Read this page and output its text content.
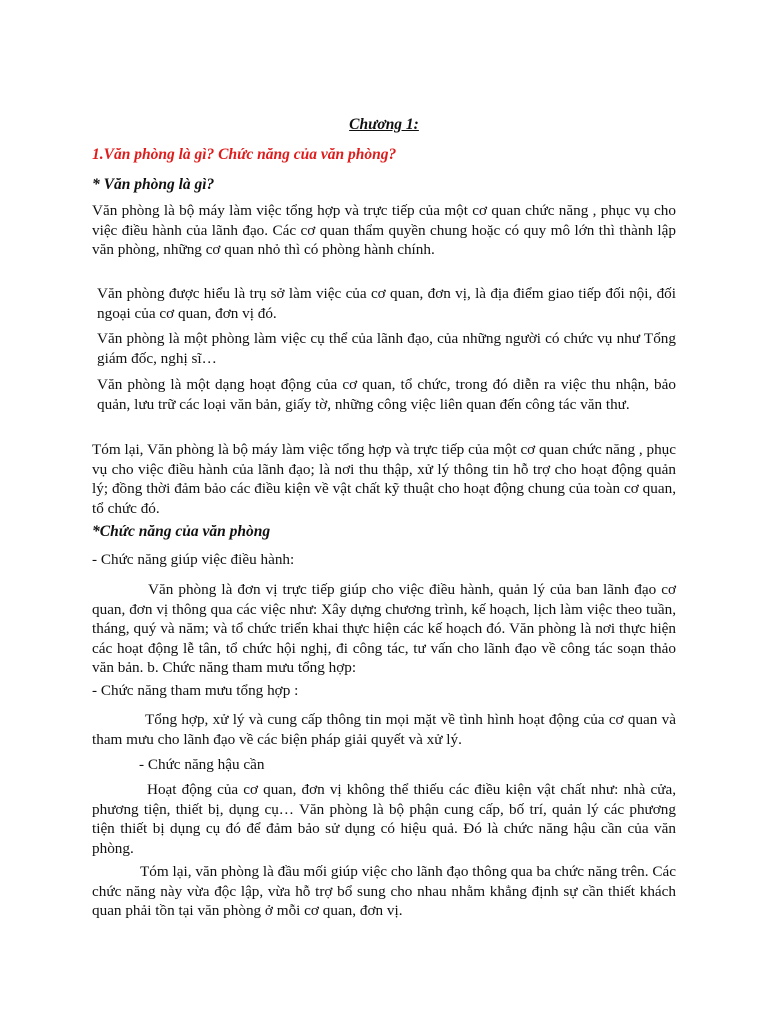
Chương 1:
1.Văn phòng là gì? Chức năng của văn phòng?
* Văn phòng là gì?

Văn phòng là bộ máy làm việc tổng hợp và trực tiếp của một cơ quan chức năng , phục vụ cho việc điều hành của lãnh đạo. Các cơ quan thẩm quyền chung hoặc có quy mô lớn thì thành lập văn phòng, những cơ quan nhỏ thì có phòng hành chính.

Văn phòng được hiểu là trụ sở làm việc của cơ quan, đơn vị, là địa điểm giao tiếp đối nội, đối ngoại của cơ quan, đơn vị đó.

Văn phòng là một phòng làm việc cụ thể của lãnh đạo, của những người có chức vụ như Tổng giám đốc, nghị sĩ…

Văn phòng là một dạng hoạt động của cơ quan, tổ chức, trong đó diễn ra việc thu nhận, bảo quản, lưu trữ các loại văn bản, giấy tờ, những công việc liên quan đến công tác văn thư.

Tóm lại, Văn phòng là bộ máy làm việc tổng hợp và trực tiếp của một cơ quan chức năng , phục vụ cho việc điều hành của lãnh đạo; là nơi thu thập, xử lý thông tin hỗ trợ cho hoạt động quản lý; đồng thời đảm bảo các điều kiện về vật chất kỹ thuật cho hoạt động chung của toàn cơ quan, tổ chức đó.

*Chức năng của văn phòng
- Chức năng giúp việc điều hành:

Văn phòng là đơn vị trực tiếp giúp cho việc điều hành, quản lý của ban lãnh đạo cơ quan, đơn vị thông qua các việc như: Xây dựng chương trình, kế hoạch, lịch làm việc theo tuần, tháng, quý và năm; và tổ chức triển khai thực hiện các kế hoạch đó. Văn phòng là nơi thực hiện các hoạt động lễ tân, tổ chức hội nghị, đi công tác, tư vấn cho lãnh đạo về công tác soạn thảo văn bản. b. Chức năng tham mưu tổng hợp:

- Chức năng tham mưu tổng hợp :

Tổng hợp, xử lý và cung cấp thông tin mọi mặt về tình hình hoạt động của cơ quan và tham mưu cho lãnh đạo về các biện pháp giải quyết và xử lý.

- Chức năng hậu cần

Hoạt động của cơ quan, đơn vị không thể thiếu các điều kiện vật chất như: nhà cửa, phương tiện, thiết bị, dụng cụ… Văn phòng là bộ phận cung cấp, bố trí, quản lý các phương tiện thiết bị dụng cụ đó để đảm bảo sử dụng có hiệu quả. Đó là chức năng hậu cần của văn phòng.

Tóm lại, văn phòng là đầu mối giúp việc cho lãnh đạo thông qua ba chức năng trên. Các chức năng này vừa độc lập, vừa hỗ trợ bổ sung cho nhau nhằm khẳng định sự cần thiết khách quan phải tồn tại văn phòng ở mỗi cơ quan, đơn vị.
